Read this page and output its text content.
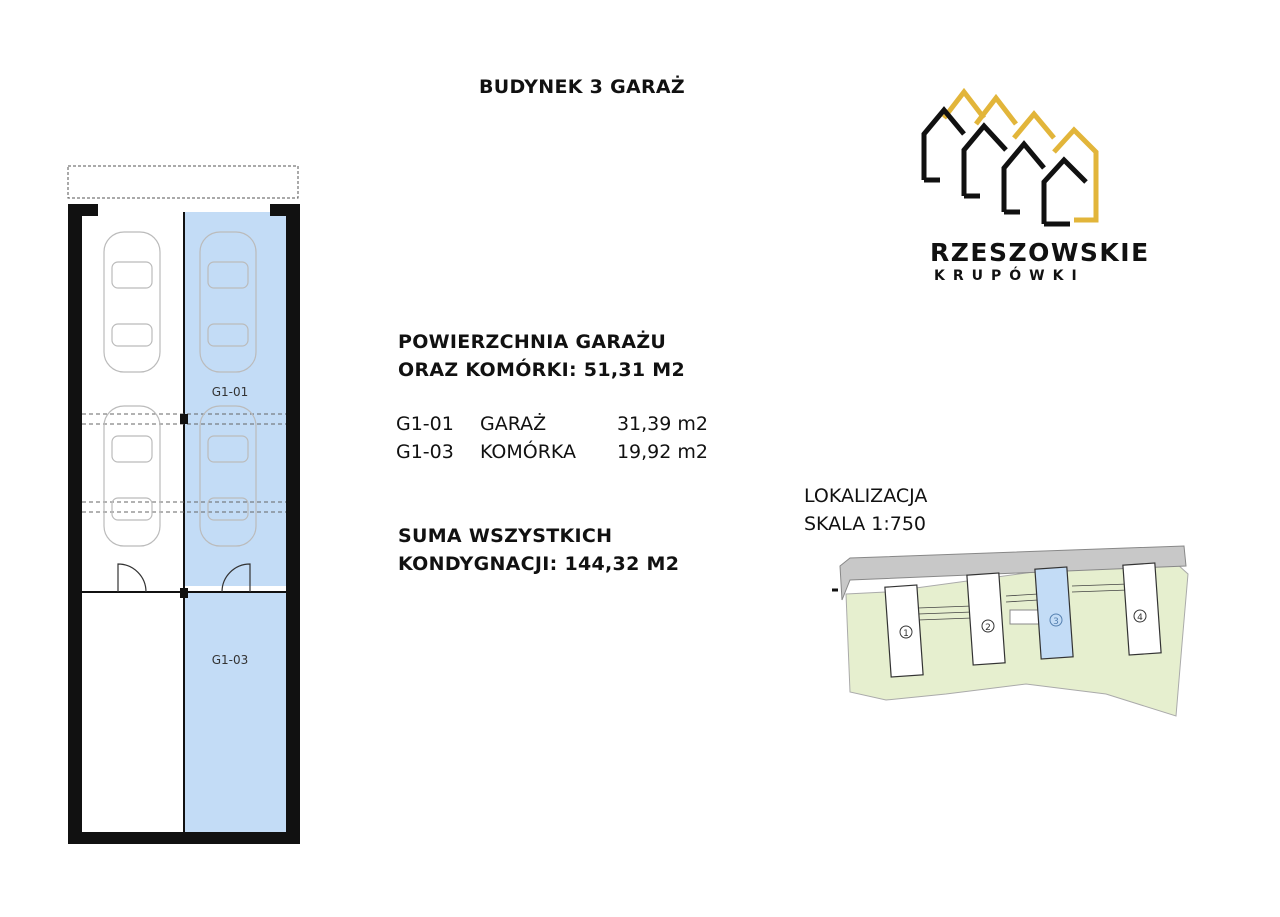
BUDYNEK 3 GARAŻ
G1-01
G1-03
RZESZOWSKIE
KRUPÓWKI
POWIERZCHNIA GARAŻU
ORAZ KOMÓRKI: 51,31 M2
G1-01	GARAŻ	31,39 m2
G1-03	KOMÓRKA	19,92 m2
SUMA WSZYSTKICH
KONDYGNACJI: 144,32 M2
LOKALIZACJA
SKALA 1:750
1
2
3	4
